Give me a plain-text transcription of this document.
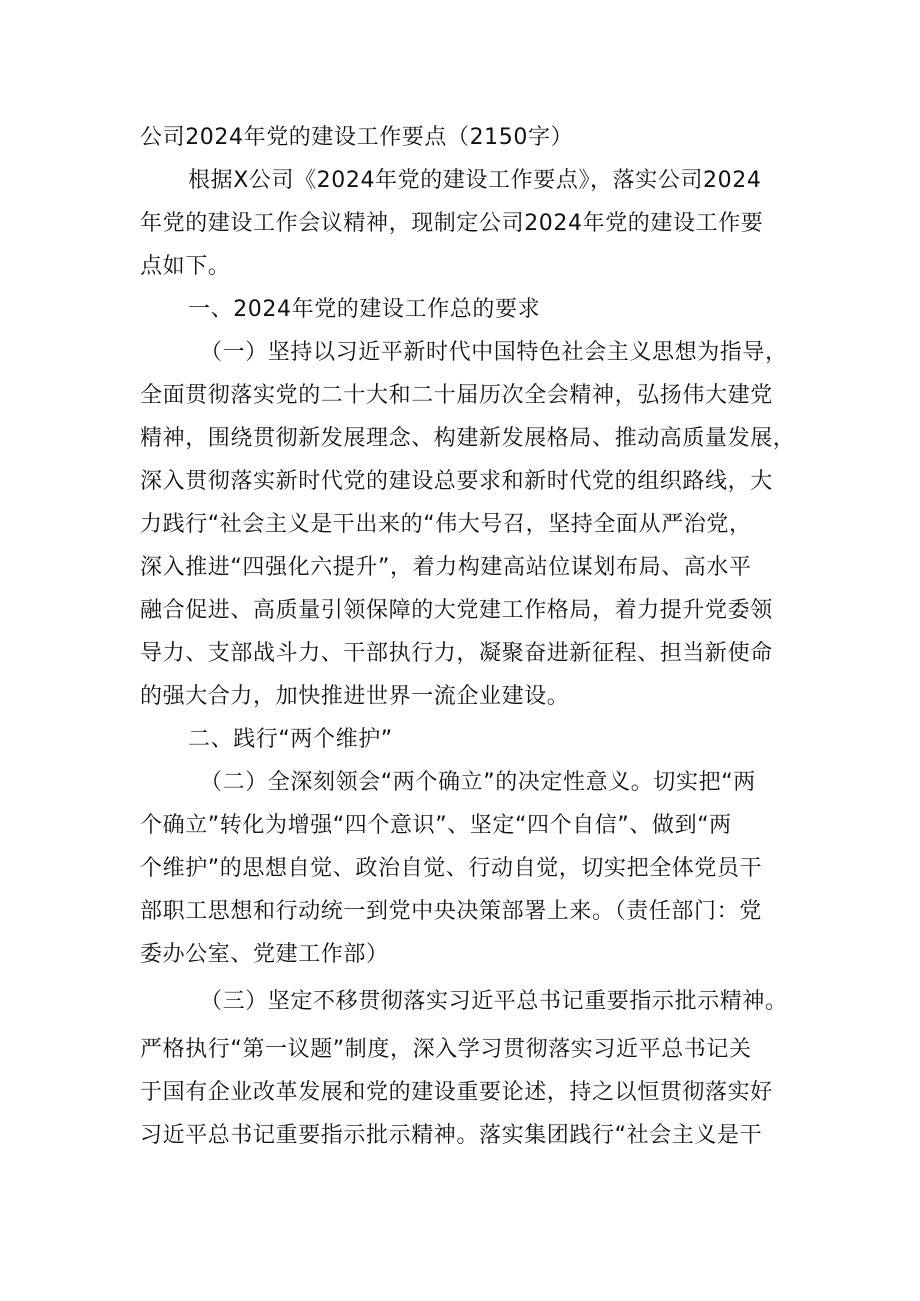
公司2024年党的建设工作要点（2150字）
根据X公司《2024年党的建设工作要点》，落实公司2024
年党的建设工作会议精神，现制定公司2024年党的建设工作要
点如下。
一、2024年党的建设工作总的要求
（一）坚持以习近平新时代中国特色社会主义思想为指导，
全面贯彻落实党的二十大和二十届历次全会精神，弘扬伟大建党
精神，围绕贯彻新发展理念、构建新发展格局、推动高质量发展，
深入贯彻落实新时代党的建设总要求和新时代党的组织路线，大
力践行“社会主义是干出来的“伟大号召，坚持全面从严治党，
深入推进“四强化六提升”，着力构建高站位谋划布局、高水平
融合促进、高质量引领保障的大党建工作格局，着力提升党委领
导力、支部战斗力、干部执行力，凝聚奋进新征程、担当新使命
的强大合力，加快推进世界一流企业建设。
二、践行“两个维护”
（二）全深刻领会“两个确立”的决定性意义。切实把“两
个确立”转化为增强“四个意识”、坚定“四个自信”、做到“两
个维护”的思想自觉、政治自觉、行动自觉，切实把全体党员干
部职工思想和行动统一到党中央决策部署上来。（责任部门：党
委办公室、党建工作部）
（三）坚定不移贯彻落实习近平总书记重要指示批示精神。
严格执行“第一议题”制度，深入学习贯彻落实习近平总书记关
于国有企业改革发展和党的建设重要论述，持之以恒贯彻落实好
习近平总书记重要指示批示精神。落实集团践行“社会主义是干
